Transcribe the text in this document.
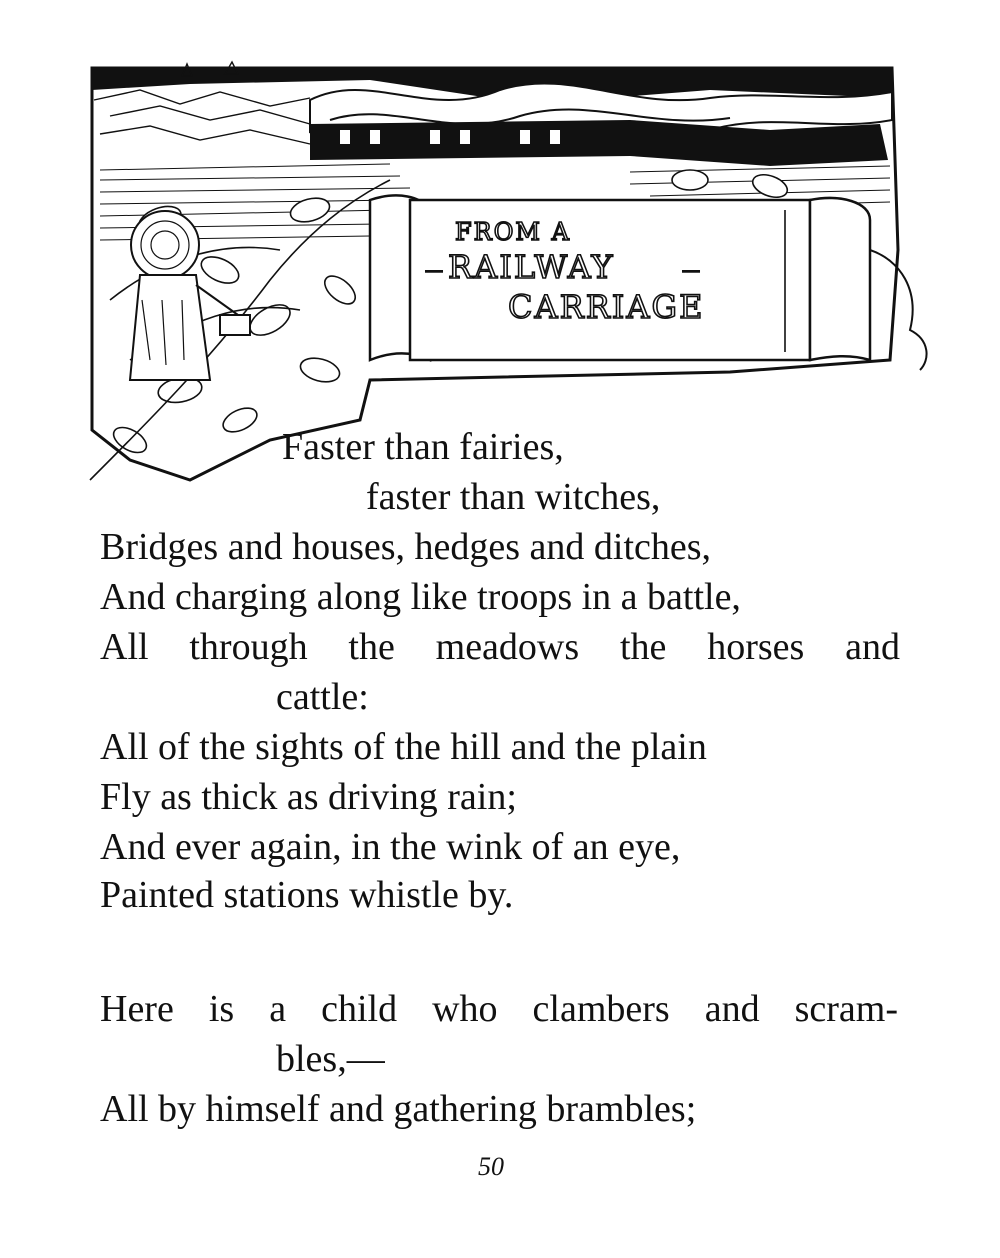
FROM A
— RAILWAY	—
CARRIAGE
Faster than fairies,
faster than witches,
Bridges and houses, hedges and ditches,
And charging along like troops in a battle,
All through the meadows the horses and
cattle:
All of the sights of the hill and the plain
Fly as thick as driving rain;
And ever again, in the wink of an eye,
Painted stations whistle by.
Here is a child who clambers and scram-
bles,—
All by himself and gathering brambles;
50
